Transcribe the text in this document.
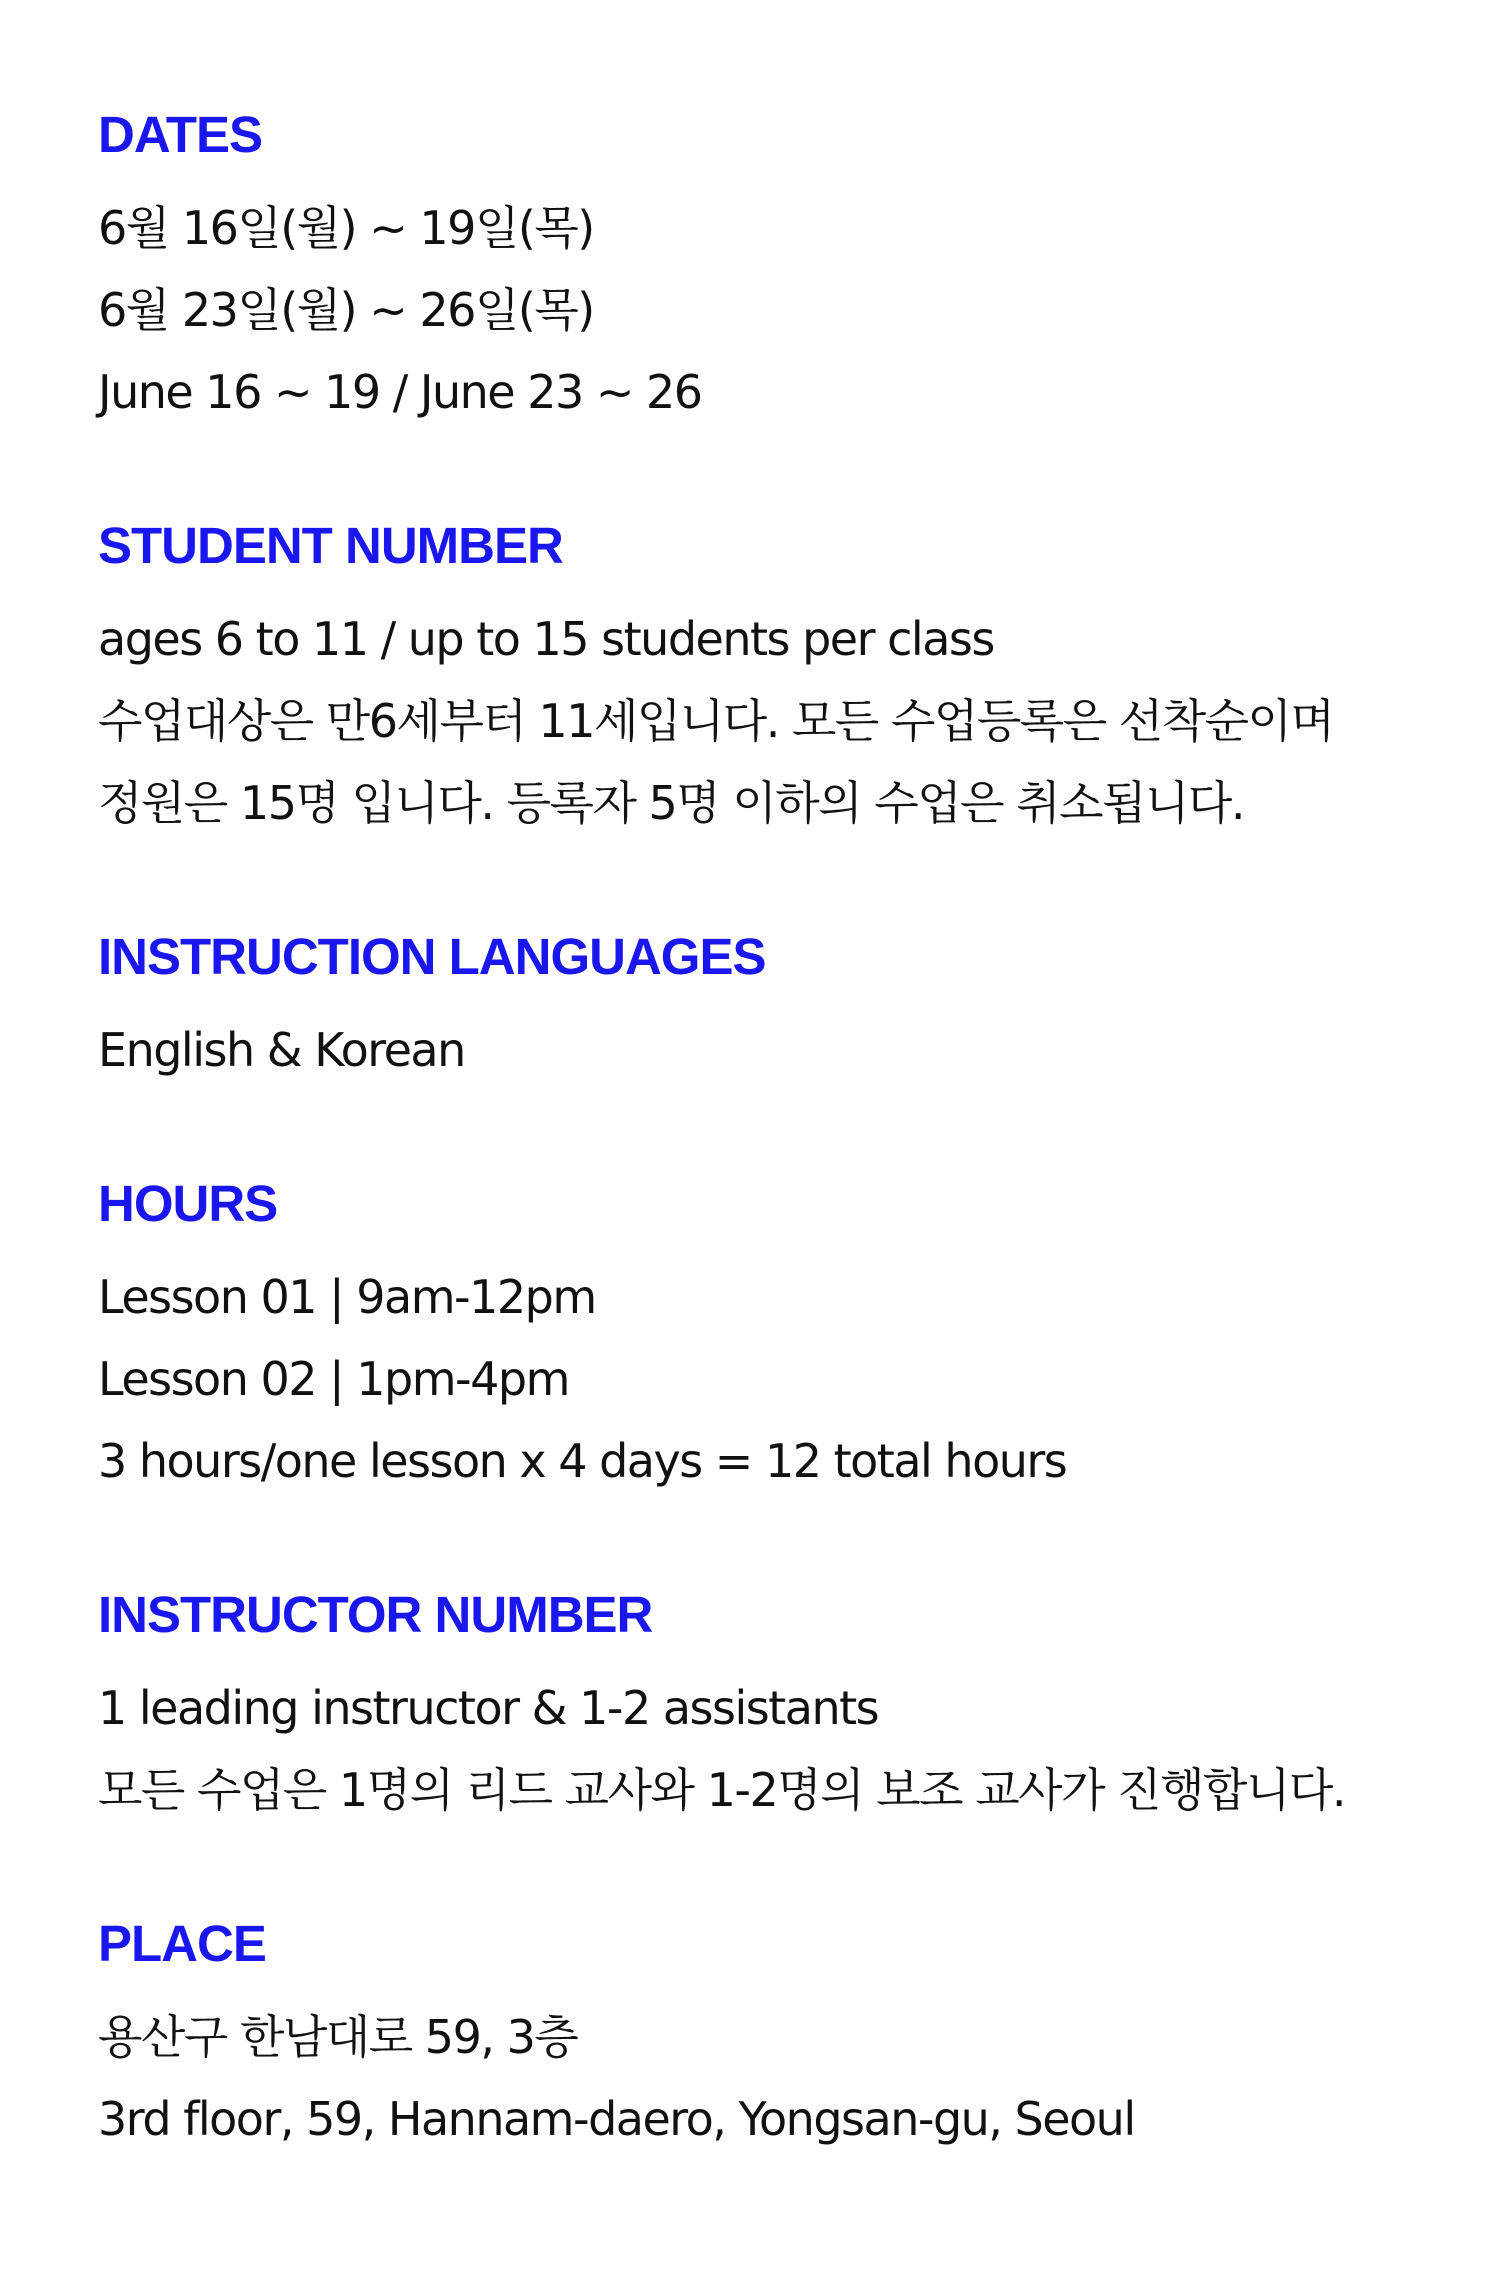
DATES
6월 16일(월) ~ 19일(목)
6월 23일(월) ~ 26일(목)
June 16 ~ 19 / June 23 ~ 26
STUDENT NUMBER
ages 6 to 11 / up to 15 students per class
수업대상은 만6세부터 11세입니다. 모든 수업등록은 선착순이며
정원은 15명 입니다. 등록자 5명 이하의 수업은 취소됩니다.
INSTRUCTION LANGUAGES
English & Korean
HOURS
Lesson 01 | 9am-12pm
Lesson 02 | 1pm-4pm
3 hours/one lesson x 4 days = 12 total hours
INSTRUCTOR NUMBER
1 leading instructor & 1-2 assistants
모든 수업은 1명의 리드 교사와 1-2명의 보조 교사가 진행합니다.
PLACE
용산구 한남대로 59, 3층
3rd floor, 59, Hannam-daero, Yongsan-gu, Seoul
